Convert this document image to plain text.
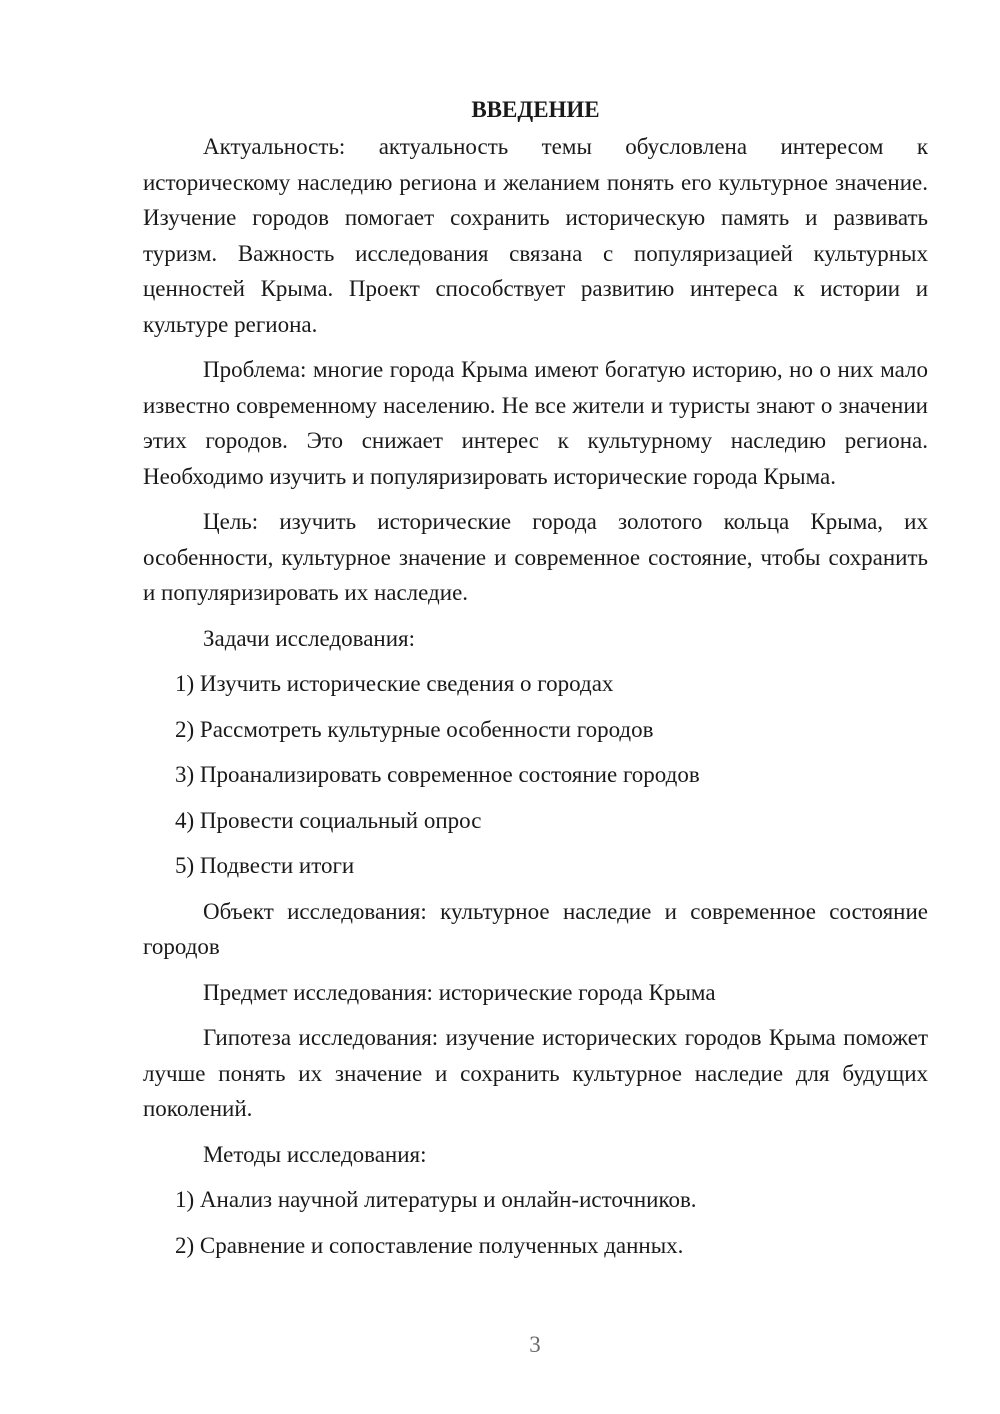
ВВЕДЕНИЕ

Актуальность: актуальность темы обусловлена интересом к историческому наследию региона и желанием понять его культурное значение. Изучение городов помогает сохранить историческую память и развивать туризм. Важность исследования связана с популяризацией культурных ценностей Крыма. Проект способствует развитию интереса к истории и культуре региона.

Проблема: многие города Крыма имеют богатую историю, но о них мало известно современному населению. Не все жители и туристы знают о значении этих городов. Это снижает интерес к культурному наследию региона. Необходимо изучить и популяризировать исторические города Крыма.

Цель: изучить исторические города золотого кольца Крыма, их особенности, культурное значение и современное состояние, чтобы сохранить и популяризировать их наследие.

Задачи исследования:

1) Изучить исторические сведения о городах
2) Рассмотреть культурные особенности городов
3) Проанализировать современное состояние городов
4) Провести социальный опрос
5) Подвести итоги

Объект исследования: культурное наследие и современное состояние городов

Предмет исследования: исторические города Крыма

Гипотеза исследования: изучение исторических городов Крыма поможет лучше понять их значение и сохранить культурное наследие для будущих поколений.

Методы исследования:

1) Анализ научной литературы и онлайн-источников.
2) Сравнение и сопоставление полученных данных.
3
